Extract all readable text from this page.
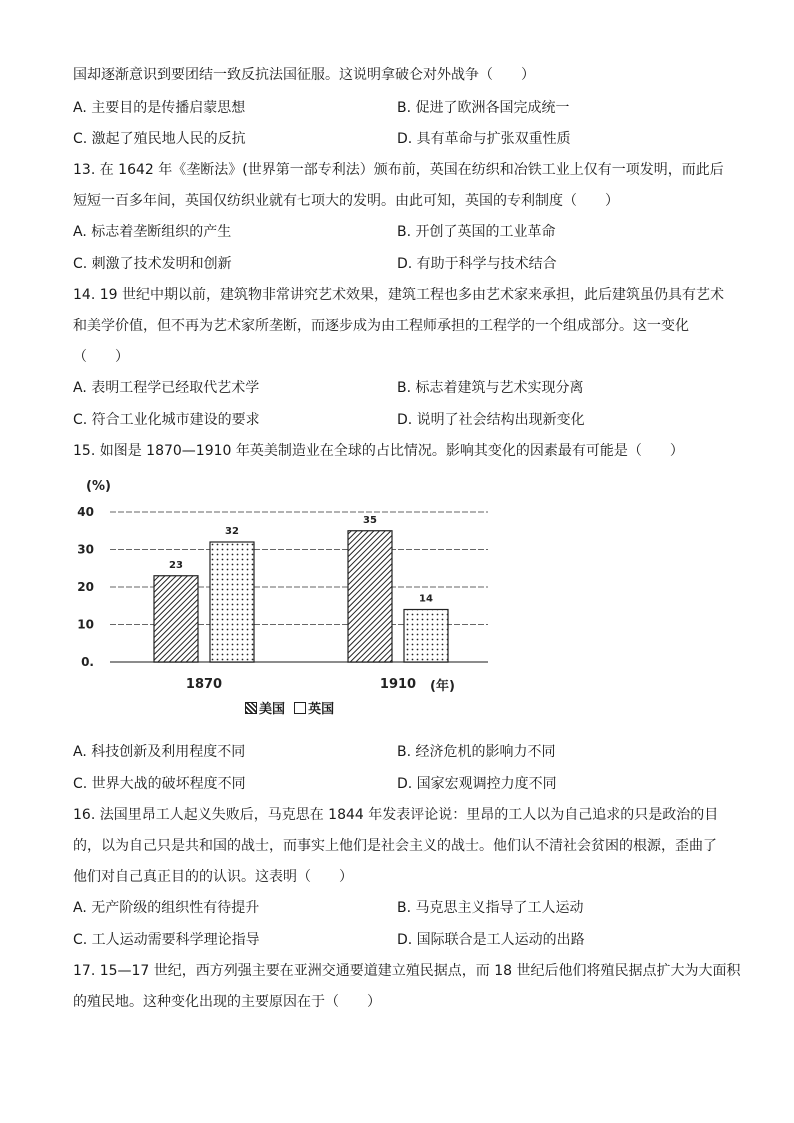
国却逐渐意识到要团结一致反抗法国征服。这说明拿破仑对外战争（　　）
A. 主要目的是传播启蒙思想	B. 促进了欧洲各国完成统一
C. 激起了殖民地人民的反抗	D. 具有革命与扩张双重性质
13. 在 1642 年《垄断法》(世界第一部专利法）颁布前，英国在纺织和冶铁工业上仅有一项发明，而此后
短短一百多年间，英国仅纺织业就有七项大的发明。由此可知，英国的专利制度（　　）
A. 标志着垄断组织的产生	B. 开创了英国的工业革命
C. 刺激了技术发明和创新	D. 有助于科学与技术结合
14. 19 世纪中期以前，建筑物非常讲究艺术效果，建筑工程也多由艺术家来承担，此后建筑虽仍具有艺术
和美学价值，但不再为艺术家所垄断，而逐步成为由工程师承担的工程学的一个组成部分。这一变化
（　　）
A. 表明工程学已经取代艺术学	B. 标志着建筑与艺术实现分离
C. 符合工业化城市建设的要求	D. 说明了社会结构出现新变化
15. 如图是 1870—1910 年英美制造业在全球的占比情况。影响其变化的因素最有可能是（　　）
(%)
0.
10
20
30
40
23
32
35
14
1870	1910 (年)
美国 英国
A. 科技创新及利用程度不同	B. 经济危机的影响力不同
C. 世界大战的破坏程度不同	D. 国家宏观调控力度不同
16. 法国里昂工人起义失败后，马克思在 1844 年发表评论说：里昂的工人以为自己追求的只是政治的目
的，以为自己只是共和国的战士，而事实上他们是社会主义的战士。他们认不清社会贫困的根源，歪曲了
他们对自己真正目的的认识。这表明（　　）
A. 无产阶级的组织性有待提升	B. 马克思主义指导了工人运动
C. 工人运动需要科学理论指导	D. 国际联合是工人运动的出路
17. 15—17 世纪，西方列强主要在亚洲交通要道建立殖民据点，而 18 世纪后他们将殖民据点扩大为大面积
的殖民地。这种变化出现的主要原因在于（　　）
